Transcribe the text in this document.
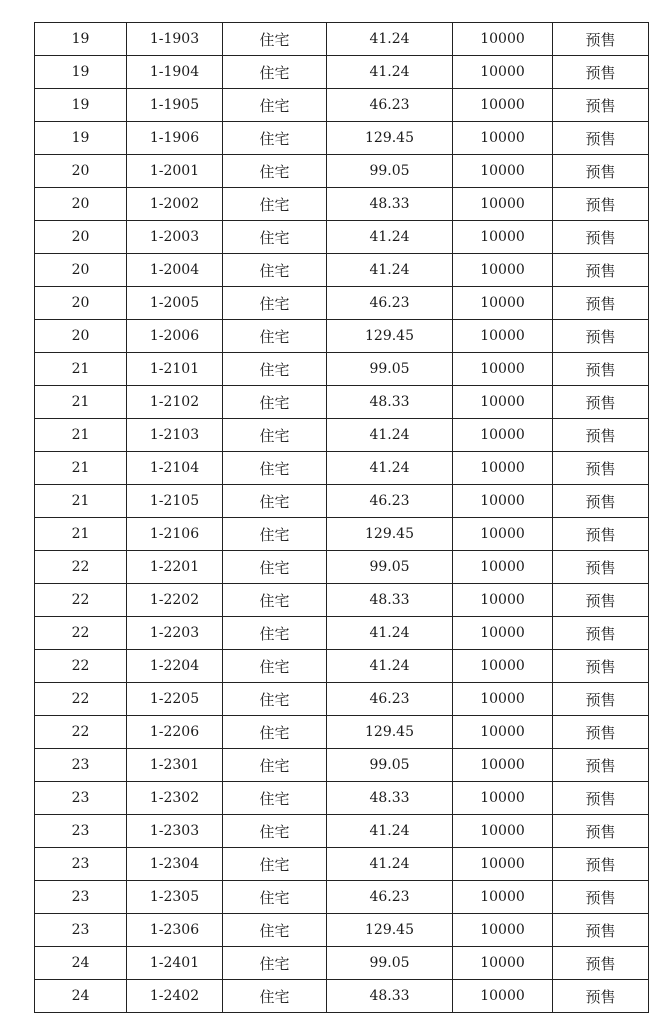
19	1-1903	住宅	41.24	10000	预售
19	1-1904	住宅	41.24	10000	预售
19	1-1905	住宅	46.23	10000	预售
19	1-1906	住宅	129.45	10000	预售
20	1-2001	住宅	99.05	10000	预售
20	1-2002	住宅	48.33	10000	预售
20	1-2003	住宅	41.24	10000	预售
20	1-2004	住宅	41.24	10000	预售
20	1-2005	住宅	46.23	10000	预售
20	1-2006	住宅	129.45	10000	预售
21	1-2101	住宅	99.05	10000	预售
21	1-2102	住宅	48.33	10000	预售
21	1-2103	住宅	41.24	10000	预售
21	1-2104	住宅	41.24	10000	预售
21	1-2105	住宅	46.23	10000	预售
21	1-2106	住宅	129.45	10000	预售
22	1-2201	住宅	99.05	10000	预售
22	1-2202	住宅	48.33	10000	预售
22	1-2203	住宅	41.24	10000	预售
22	1-2204	住宅	41.24	10000	预售
22	1-2205	住宅	46.23	10000	预售
22	1-2206	住宅	129.45	10000	预售
23	1-2301	住宅	99.05	10000	预售
23	1-2302	住宅	48.33	10000	预售
23	1-2303	住宅	41.24	10000	预售
23	1-2304	住宅	41.24	10000	预售
23	1-2305	住宅	46.23	10000	预售
23	1-2306	住宅	129.45	10000	预售
24	1-2401	住宅	99.05	10000	预售
24	1-2402	住宅	48.33	10000	预售
